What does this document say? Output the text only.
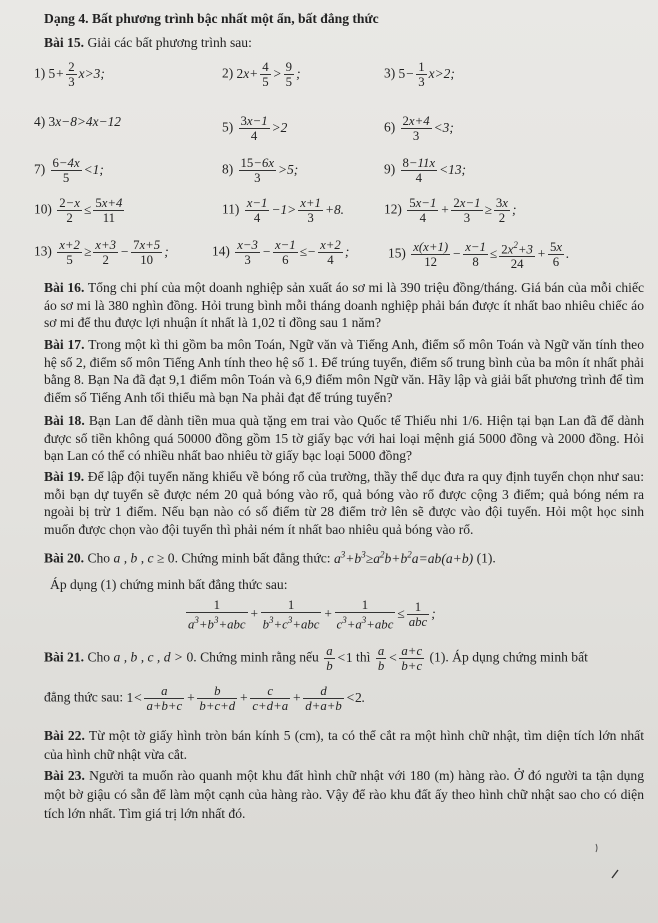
Dạng 4. Bất phương trình bậc nhất một ẩn, bất đẳng thức
Bài 15. Giải các bất phương trình sau:
1) $5+ \frac{2}{3} x>3$;	2) $2x+ \frac{4}{5} > \frac{9}{5}$ ;	3) $5- \frac{1}{3} x>2$;
4) 3x−8>4x−12	$5) \frac{3x-1}{4} >2$	$6) \frac{2x+4}{3} <3$;
$7) \frac{6-4x}{5} <1$;	$8) \frac{15-6x}{3} >5$;	$9) \frac{8-11x}{4} <13$;
$10) \frac{2-x}{2} \le \frac{5x+4}{11}$	$11) \frac{x-1}{4} -1> \frac{x+1}{3} +8$.	$12) \frac{5x-1}{4} + \frac{2x-1}{3} \ge \frac{3x}{2}$ ;
$13) \frac{x+2}{5} \ge \frac{x+3}{2} - \frac{7x+5}{10}$ ;	$14) \frac{x-3}{3} - \frac{x-1}{6} \le- \frac{x+2}{4}$ ;	$15) \frac{x(x+1)}{12} - \frac{x-1}{8} \le \frac{2x^2+3}{24} + \frac{5x}{6}$ .

Bài 16. Tổng chi phí của một doanh nghiệp sản xuất áo sơ mi là 390 triệu đồng/tháng. Giá bán của mỗi chiếc áo sơ mi là 380 nghìn đồng. Hỏi trung bình mỗi tháng doanh nghiệp phải bán được ít nhất bao nhiêu chiếc áo sơ mi để thu được lợi nhuận ít nhất là 1,02 tỉ đồng sau 1 năm?

Bài 17. Trong một kì thi gồm ba môn Toán, Ngữ văn và Tiếng Anh, điểm số môn Toán và Ngữ văn tính theo hệ số 2, điểm số môn Tiếng Anh tính theo hệ số 1. Để trúng tuyển, điểm số trung bình của ba môn ít nhất phải bằng 8. Bạn Na đã đạt 9,1 điểm môn Toán và 6,9 điểm môn Ngữ văn. Hãy lập và giải bất phương trình để tìm điểm số Tiếng Anh tối thiểu mà bạn Na phải đạt để trúng tuyển?

Bài 18. Bạn Lan để dành tiền mua quà tặng em trai vào Quốc tế Thiếu nhi 1/6. Hiện tại bạn Lan đã để dành được số tiền không quá 50000 đồng gồm 15 tờ giấy bạc với hai loại mệnh giá 5000 đồng và 2000 đồng. Hỏi bạn Lan có thể có nhiều nhất bao nhiêu tờ giấy bạc loại 5000 đồng?

Bài 19. Để lập đội tuyển năng khiếu về bóng rổ của trường, thầy thể dục đưa ra quy định tuyển chọn như sau: mỗi bạn dự tuyển sẽ được ném 20 quả bóng vào rổ, quả bóng vào rổ được cộng 3 điểm; quả bóng ném ra ngoài bị trừ 1 điểm. Nếu bạn nào có số điểm từ 28 điểm trở lên sẽ được vào đội tuyển. Hỏi một học sinh muốn được chọn vào đội tuyển thì phải ném ít nhất bao nhiêu quả bóng vào rổ.

Bài 20. Cho a , b , c ≥ 0. Chứng minh bất đẳng thức: $a^3+b^3\ge a^2b+b^2a=ab(a+b)$ (1).
Áp dụng (1) chứng minh bất đẳng thức sau:
$\frac{1}{a^3+b^3+abc} + \frac{1}{b^3+c^3+abc} + \frac{1}{c^3+a^3+abc} \le \frac{1}{\text{abc}}$ ;
Bài 21. Cho a , b , c , d > 0. Chứng minh rằng nếu $\frac{a}{b} <1$ thì $\frac{a}{b} < \frac{a+c}{b+c} (1)$. Áp dụng chứng minh bất
đẳng thức sau: $1< \frac{a}{a+b+c} + \frac{b}{b+c+d} + \frac{c}{c+d+a} + \frac{d}{d+a+b} <2$.

Bài 22. Từ một tờ giấy hình tròn bán kính 5 (cm), ta có thể cắt ra một hình chữ nhật, tìm diện tích lớn nhất của hình chữ nhật vừa cắt.

Bài 23. Người ta muốn rào quanh một khu đất hình chữ nhật với 180 (m) hàng rào. Ở đó người ta tận dụng một bờ giậu có sẵn để làm một cạnh của hàng rào. Vậy để rào khu đất ấy theo hình chữ nhật sao cho có diện tích lớn nhất. Tìm giá trị lớn nhất đó.
